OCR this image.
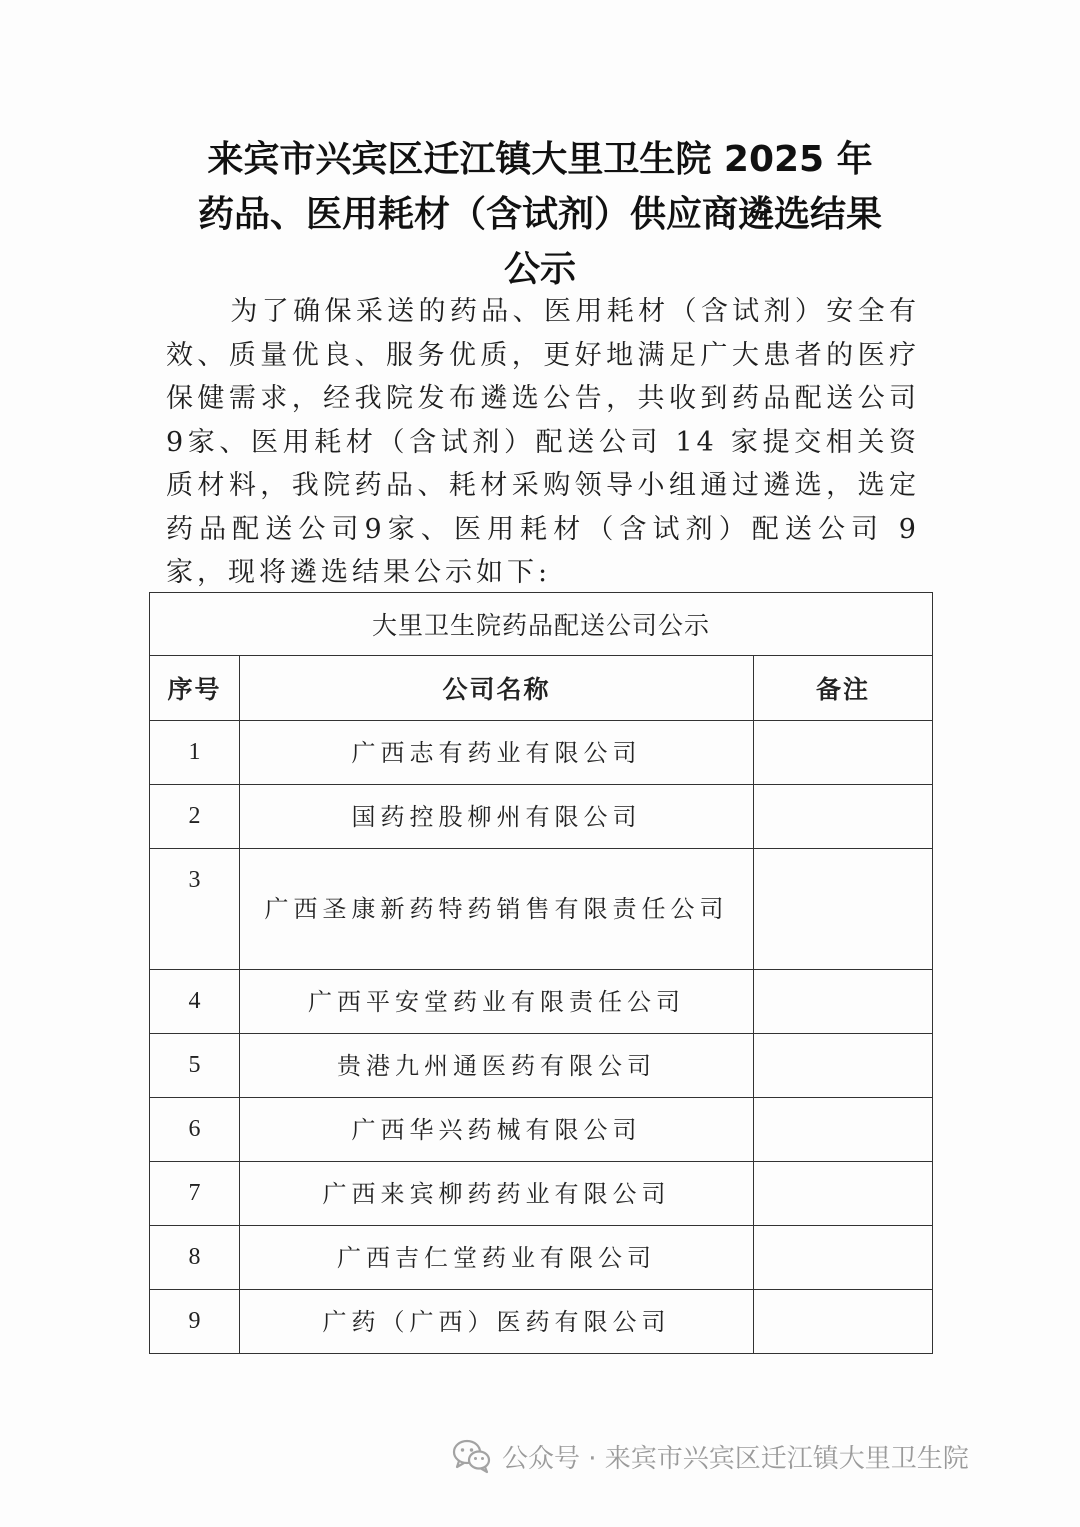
来宾市兴宾区迁江镇大里卫生院 2025 年
药品、医用耗材（含试剂）供应商遴选结果
公示
为了确保采送的药品、医用耗材（含试剂）安全有效、质量优良、服务优质，更好地满足广大患者的医疗保健需求，经我院发布遴选公告，共收到药品配送公司9家、医用耗材（含试剂）配送公司 14 家提交相关资质材料，我院药品、耗材采购领导小组通过遴选，选定药品配送公司9家、医用耗材（含试剂）配送公司 9 家，现将遴选结果公示如下:
大里卫生院药品配送公司公示		
序号	公司名称	备注
1	广西志有药业有限公司	
2	国药控股柳州有限公司	
3	广西圣康新药特药销售有限责任公司	
4	广西平安堂药业有限责任公司	
5	贵港九州通医药有限公司	
6	广西华兴药械有限公司	
7	广西来宾柳药药业有限公司	
8	广西吉仁堂药业有限公司	
9	广药（广西）医药有限公司	
公众号 · 来宾市兴宾区迁江镇大里卫生院
